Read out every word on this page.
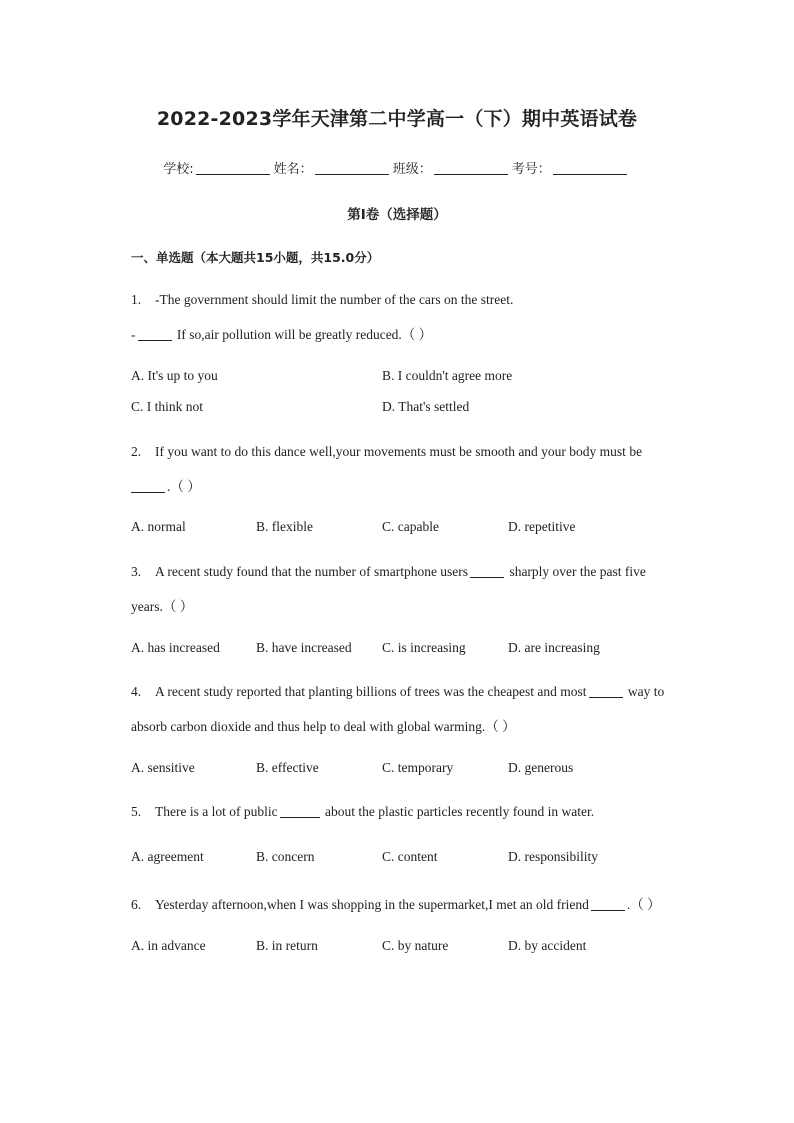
2022-2023学年天津第二中学高一（下）期中英语试卷
学校:	姓名：	班级：	考号：
第I卷（选择题）
一、单选题（本大题共15小题，共15.0分）
1. -The government should limit the number of the cars on the street.
-	If so,air pollution will be greatly reduced.（ ）
A. It's up to you	B. I couldn't agree more
C. I think not	D. That's settled
2. If you want to do this dance well,your movements must be smooth and your body must be
.（ ）
A. normal	B. flexible	C. capable	D. repetitive
3. A recent study found that the number of smartphone users	sharply over the past five
years.（ ）
A. has increased	B. have increased C. is increasing	D. are increasing
4. A recent study reported that planting billions of trees was the cheapest and most	way to
absorb carbon dioxide and thus help to deal with global warming.（ ）
A. sensitive	B. effective	C. temporary	D. generous
5. There is a lot of public	about the plastic particles recently found in water.
A. agreement	B. concern	C. content	D. responsibility
6. Yesterday afternoon,when I was shopping in the supermarket,I met an old friend	.（ ）
A. in advance	B. in return	C. by nature	D. by accident
